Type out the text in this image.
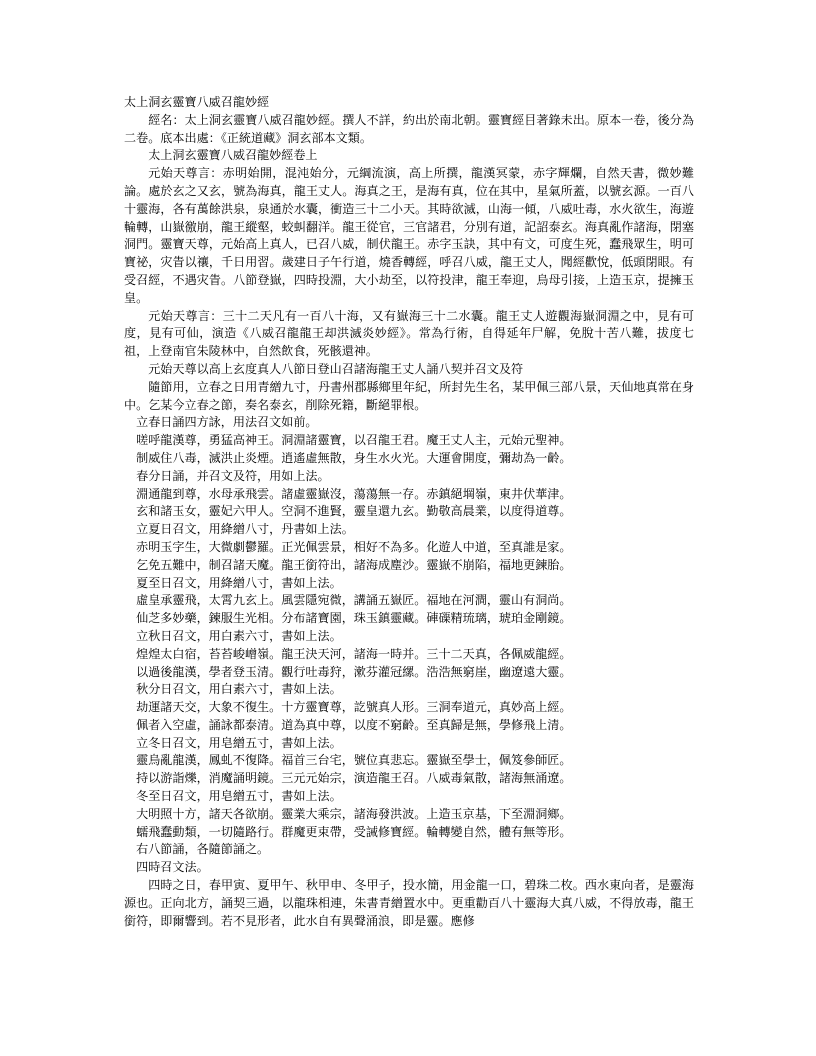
太上洞玄靈寶八威召龍妙經

經名：太上洞玄靈寶八威召龍妙經。撰人不詳，約出於南北朝。靈寶經目著錄未出。原本一卷，後分為二卷。底本出處：《正統道藏》洞玄部本文類。

太上洞玄靈寶八威召龍妙經卷上

元始天尊言：赤明始開，混沌始分，元綱流演，高上所撰，龍漢冥蒙，赤字輝爛，自然天書，微妙難論。處於玄之又玄，號為海真，龍王丈人。海真之王，是海有真，位在其中，星氣所蓋，以號玄源。一百八十靈海，各有萬餘洪泉，泉通於水囊，衝造三十二小天。其時欲滅，山海一傾，八威吐毒，水火欲生，海遊輪轉，山嶽徼崩，龍王縱壑，蛟虯翻洋。龍王從官，三官諸君，分別有道，記詔泰玄。海真亂作諸海，閉塞洞門。靈寶天尊，元始高上真人，已召八威，制伏龍王。赤字玉訣，其中有文，可度生死，蠢飛眾生，明可寶祕，灾眚以禳，千日用習。歲建日子午行道，燒香轉經，呼召八威，龍王丈人，聞經歡悅，低頭閉眼。有受召經，不遇灾眚。八節登嶽，四時投淵，大小劫至，以符投津，龍王奉迎，烏母引接，上造玉京，提擁玉皇。

元始天尊言：三十二天凡有一百八十海，又有嶽海三十二水囊。龍王丈人遊觀海嶽洞淵之中，見有可度，見有可仙，演造《八威召龍龍王却洪滅炎妙經》。常為行術，自得延年尸解，免脫十苦八難，拔度七祖，上登南官朱陵林中，自然飲食，死骸還神。

元始天尊以高上玄度真人八節日登山召諸海龍王丈人誦八契并召文及符

隨節用，立春之日用青繒九寸，丹書州郡縣鄉里年紀，所封先生名，某甲佩三部八景，天仙地真常在身中。乞某今立春之節，奏名泰玄，削除死籍，斷絕罪根。

立春日誦四方詠，用法召文如前。

嗟呼龍漢尊，勇猛高神王。洞淵諸靈寶，以召龍王君。魔王丈人主，元始元聖神。

制威住八毒，滅洪止炎煙。逍遙虛無散，身生水火光。大運會開度，彌劫為一齡。

春分日誦，并召文及符，用如上法。

淵通龍到尊，水母承飛雲。諸虛靈嶽沒，蕩蕩無一存。赤鎮絕堈嶺，東井伏華津。

玄和諸玉女，靈妃六甲人。空洞不進賢，靈皇還九玄。勤敬高晨業，以度得道尊。

立夏日召文，用絳繒八寸，丹書如上法。

赤明玉字生，大微劇鬱羅。正光佩雲景，相好不為多。化遊人中道，至真誰是家。

乞免五難中，制召諸天魔。龍王銜符出，諸海成塵沙。靈嶽不崩陷，福地更鍊胎。

夏至日召文，用絳繒八寸，書如上法。

虛皇承靈飛，太霄九玄上。風雲隱宛微，講誦五嶽匠。福地在河澗，靈山有洞尚。

仙芝多妙藥，鍊服生光相。分布諸寶園，珠玉鎮靈藏。硨磲精琉璃，琥珀金剛鏡。

立秋日召文，用白素六寸，書如上法。

煌煌太白宿，苔苔峻嶒嶺。龍王決天河，諸海一時并。三十二天真，各佩威龍經。

以過後龍漢，學者登玉清。觀行吐毒狩，漱芬灌冠縲。浩浩無窮崖，幽遼遠大靈。

秋分日召文，用白素六寸，書如上法。

劫運諸天交，大象不復生。十方靈寶尊，訖號真人形。三洞奉道元，真妙高上經。

佩者入空虛，誦詠都泰清。道為真中尊，以度不窮齡。至真歸是無，學修飛上清。

立冬日召文，用皂繒五寸，書如上法。

靈烏亂龍漢，鳳虬不復降。福首三台宅，號位真悲忘。靈嶽至學士，佩笈參師匠。

持以游詣爍，消魔誦明鏡。三元元始宗，演造龍王召。八威毒氣散，諸海無涌遼。

冬至日召文，用皂繒五寸，書如上法。

大明照十方，諸天各欲崩。靈業大乘宗，諸海發洪波。上造玉京基，下至淵洞鄉。

蠕飛蠢動類，一切隨路行。群魔更束帶，受誡修寶經。輪轉變自然，體有無等形。

右八節誦，各隨節誦之。

四時召文法。

四時之日，春甲寅、夏甲午、秋甲申、冬甲子，投水簡，用金龍一口，碧珠二枚。西水東向者，是靈海源也。正向北方，誦契三過，以龍珠相連，朱書青繒置水中。更重勸百八十靈海大真八威，不得放毒，龍王銜符，即爾響到。若不見形者，此水自有異聲涌浪，即是靈。應修
